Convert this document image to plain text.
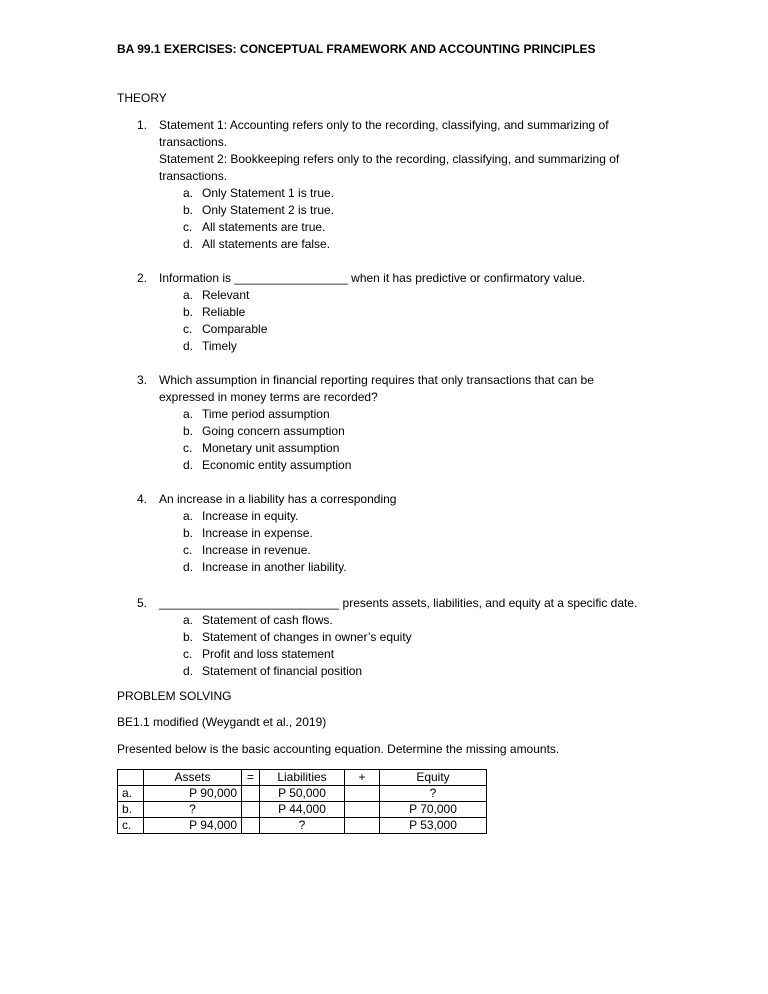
BA 99.1 EXERCISES: CONCEPTUAL FRAMEWORK AND ACCOUNTING PRINCIPLES
THEORY
1. Statement 1: Accounting refers only to the recording, classifying, and summarizing of

transactions.

Statement 2: Bookkeeping refers only to the recording, classifying, and summarizing of

transactions.

a. Only Statement 1 is true.
b. Only Statement 2 is true.
c. All statements are true.
d. All statements are false.
2. Information is _________________ when it has predictive or confirmatory value.

a. Relevant
b. Reliable
c. Comparable
d. Timely
3. Which assumption in financial reporting requires that only transactions that can be

expressed in money terms are recorded?

a. Time period assumption
b. Going concern assumption
c. Monetary unit assumption
d. Economic entity assumption
4. An increase in a liability has a corresponding

a. Increase in equity.
b. Increase in expense.
c. Increase in revenue.
d. Increase in another liability.
5. ___________________________ presents assets, liabilities, and equity at a specific date.

a. Statement of cash flows.
b. Statement of changes in owner’s equity
c. Profit and loss statement
d. Statement of financial position
PROBLEM SOLVING
BE1.1 modified (Weygandt et al., 2019)
Presented below is the basic accounting equation. Determine the missing amounts.
	Assets	=	Liabilities	+	Equity
a.	P 90,000		P 50,000		?
b.	?		P 44,000		P 70,000
c.	P 94,000		?		P 53,000
